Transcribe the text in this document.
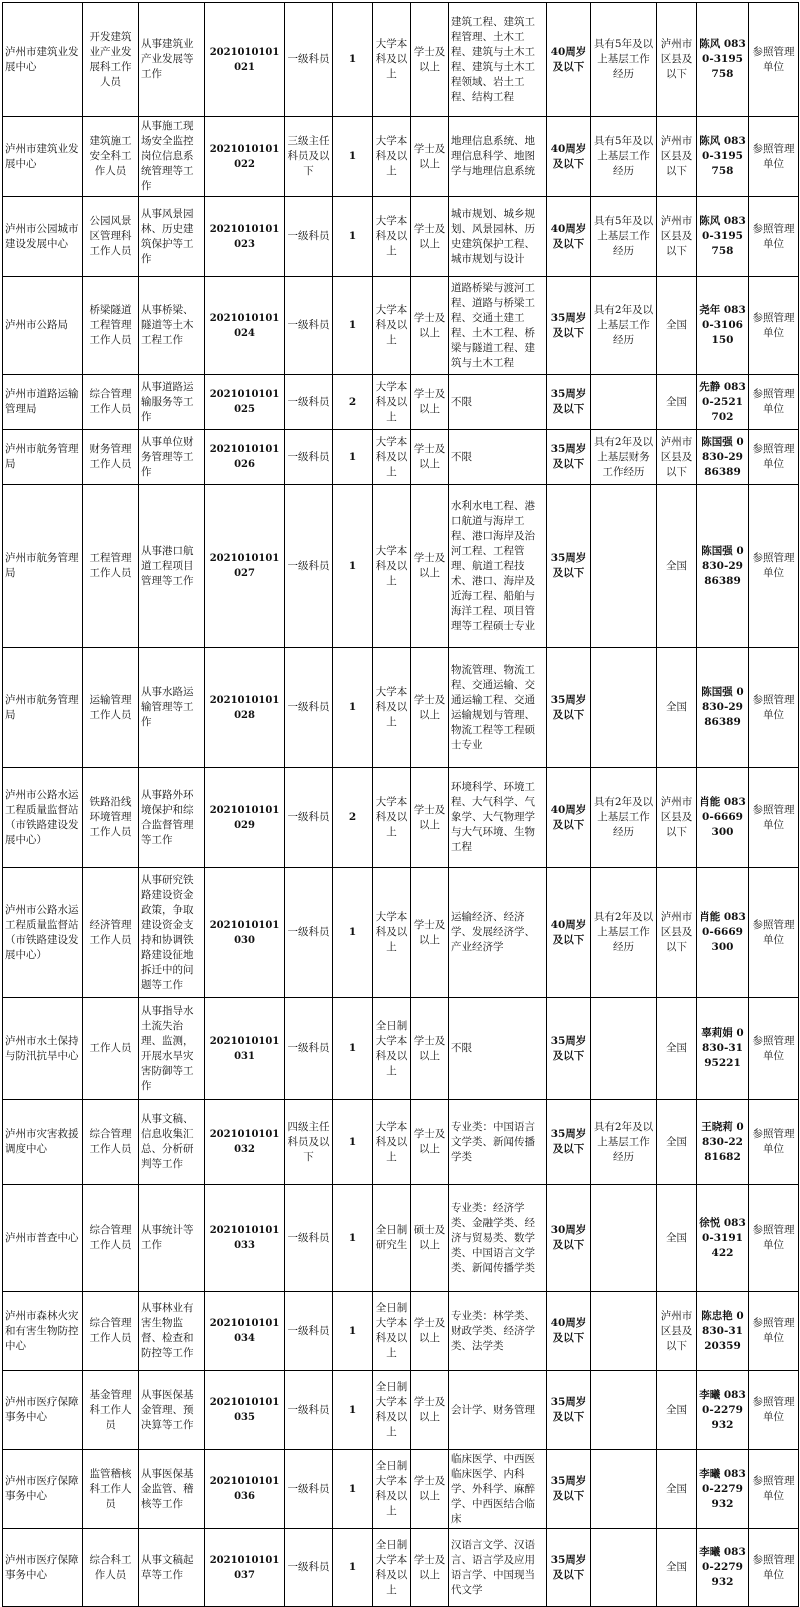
泸州市建筑业发展中心	开发建筑业产业发展科工作人员	从事建筑业产业发展等工作	2021010101021	一级科员	1	大学本科及以上	学士及以上	建筑工程、建筑工程管理、土木工程、建筑与土木工程、建筑与土木工程领域、岩土工程、结构工程	40周岁及以下	具有5年及以上基层工作经历	泸州市区县及以下	陈风 0830-3195758	参照管理单位
泸州市建筑业发展中心	建筑施工安全科工作人员	从事施工现场安全监控岗位信息系统管理等工作	2021010101022	三级主任科员及以下	1	大学本科及以上	学士及以上	地理信息系统、地理信息科学、地图学与地理信息系统	40周岁及以下	具有5年及以上基层工作经历	泸州市区县及以下	陈风 0830-3195758	参照管理单位
泸州市公园城市建设发展中心	公园风景区管理科工作人员	从事风景园林、历史建筑保护等工作	2021010101023	一级科员	1	大学本科及以上	学士及以上	城市规划、城乡规划、风景园林、历史建筑保护工程、城市规划与设计	40周岁及以下	具有5年及以上基层工作经历	泸州市区县及以下	陈风 0830-3195758	参照管理单位
泸州市公路局	桥梁隧道工程管理工作人员	从事桥梁、隧道等土木工程工作	2021010101024	一级科员	1	大学本科及以上	学士及以上	道路桥梁与渡河工程、道路与桥梁工程、交通土建工程、土木工程、桥梁与隧道工程、建筑与土木工程	35周岁及以下	具有2年及以上基层工作经历	全国	尧年 0830-3106150	参照管理单位
泸州市道路运输管理局	综合管理工作人员	从事道路运输服务等工作	2021010101025	一级科员	2	大学本科及以上	学士及以上	不限	35周岁及以下		全国	先静 0830-2521702	参照管理单位
泸州市航务管理局	财务管理工作人员	从事单位财务管理等工作	2021010101026	一级科员	1	大学本科及以上	学士及以上	不限	35周岁及以下	具有2年及以上基层财务工作经历	泸州市区县及以下	陈国强 0830-2986389	参照管理单位
泸州市航务管理局	工程管理工作人员	从事港口航道工程项目管理等工作	2021010101027	一级科员	1	大学本科及以上	学士及以上	水利水电工程、港口航道与海岸工程、港口海岸及治河工程、工程管理、航道工程技术、港口、海岸及近海工程、船舶与海洋工程、项目管理等工程硕士专业	35周岁及以下		全国	陈国强 0830-2986389	参照管理单位
泸州市航务管理局	运输管理工作人员	从事水路运输管理等工作	2021010101028	一级科员	1	大学本科及以上	学士及以上	物流管理、物流工程、交通运输、交通运输工程、交通运输规划与管理、物流工程等工程硕士专业	35周岁及以下		全国	陈国强 0830-2986389	参照管理单位
泸州市公路水运工程质量监督站（市铁路建设发展中心）	铁路沿线环境管理工作人员	从事路外环境保护和综合监督管理等工作	2021010101029	一级科员	2	大学本科及以上	学士及以上	环境科学、环境工程、大气科学、气象学、大气物理学与大气环境、生物工程	40周岁及以下	具有2年及以上基层工作经历	泸州市区县及以下	肖能 0830-6669300	参照管理单位
泸州市公路水运工程质量监督站（市铁路建设发展中心）	经济管理工作人员	从事研究铁路建设资金政策，争取建设资金支持和协调铁路建设征地拆迁中的问题等工作	2021010101030	一级科员	1	大学本科及以上	学士及以上	运输经济、经济学、发展经济学、产业经济学	40周岁及以下	具有2年及以上基层工作经历	泸州市区县及以下	肖能 0830-6669300	参照管理单位
泸州市水土保持与防汛抗旱中心	工作人员	从事指导水土流失治理、监测，开展水旱灾害防御等工作	2021010101031	一级科员	1	全日制大学本科及以上	学士及以上	不限	35周岁及以下		全国	辜莉娟 0830-3195221	参照管理单位
泸州市灾害救援调度中心	综合管理工作人员	从事文稿、信息收集汇总、分析研判等工作	2021010101032	四级主任科员及以下	1	大学本科及以上	学士及以上	专业类：中国语言文学类、新闻传播学类	35周岁及以下	具有2年及以上基层工作经历	全国	王晓莉 0830-2281682	参照管理单位
泸州市普查中心	综合管理工作人员	从事统计等工作	2021010101033	一级科员	1	全日制研究生	硕士及以上	专业类：经济学类、金融学类、经济与贸易类、数学类、中国语言文学类、新闻传播学类	30周岁及以下		全国	徐悦 0830-3191422	参照管理单位
泸州市森林火灾和有害生物防控中心	综合管理工作人员	从事林业有害生物监督、检查和防控等工作	2021010101034	一级科员	1	全日制大学本科及以上	学士及以上	专业类：林学类、财政学类、经济学类、法学类	40周岁及以下		泸州市区县及以下	陈忠艳 0830-3120359	参照管理单位
泸州市医疗保障事务中心	基金管理科工作人员	从事医保基金管理、预决算等工作	2021010101035	一级科员	1	全日制大学本科及以上	学士及以上	会计学、财务管理	35周岁及以下		全国	李曦 0830-2279932	参照管理单位
泸州市医疗保障事务中心	监管稽核科工作人员	从事医保基金监管、稽核等工作	2021010101036	一级科员	1	全日制大学本科及以上	学士及以上	临床医学、中西医临床医学、内科学、外科学、麻醉学、中西医结合临床	35周岁及以下		全国	李曦 0830-2279932	参照管理单位
泸州市医疗保障事务中心	综合科工作人员	从事文稿起草等工作	2021010101037	一级科员	1	全日制大学本科及以上	学士及以上	汉语言文学、汉语言、语言学及应用语言学、中国现当代文学	35周岁及以下		全国	李曦 0830-2279932	参照管理单位
